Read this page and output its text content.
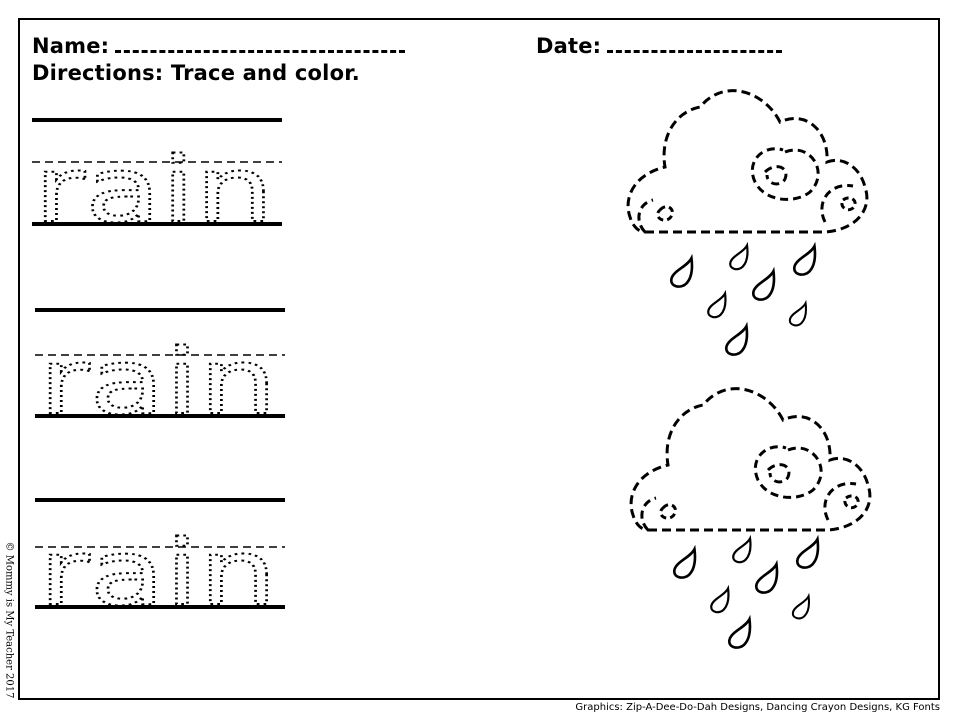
Name:	Date:
Directions: Trace and color.
rain
rain
rain
© Mommy is My Teacher 2017
Graphics: Zip-A-Dee-Do-Dah Designs, Dancing Crayon Designs, KG Fonts
